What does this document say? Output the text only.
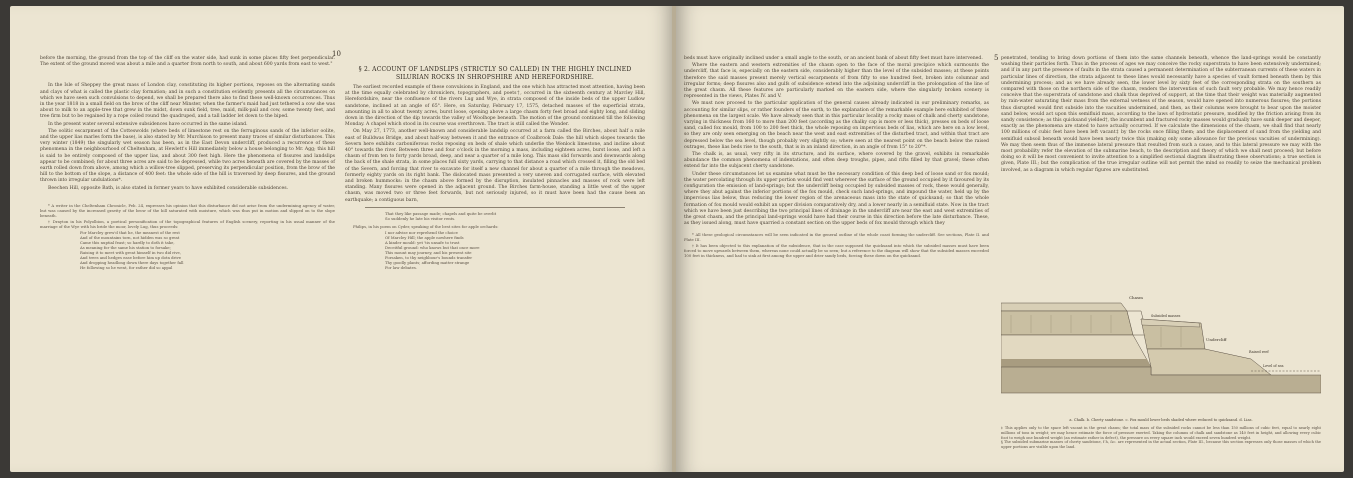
10

before the morning, the ground from the top of the cliff on the water side, had sunk in some places fifty feet perpendicular. The extent of the ground moved was about a mile and a quarter from north to south, and about 600 yards from east to west."

In the Isle of Sheppey the great mass of London clay, constituting its higher portions, reposes on the alternating sands and clays of what is called the plastic clay formation; and in such a constitution evidently presents all the circumstances on which we have seen such convulsions to depend, we shall be prepared there also to find these well-known occurrences. Thus in the year 1818 in a small field on the brow of the cliff near Minster, when the farmer's maid had just tethered a cow she was about to milk to an apple-tree that grew in the midst, down sunk field, tree, maid, milk-pail and cow, some twenty feet, and tree firm but to be regained by a rope coiled round the quadruped, and a tall ladder let down to the biped.

In the present water several extensive subsidences have occurred in the same island.

The oolitic escarpment of the Cotteswolds (where beds of limestone rest on the ferruginous sands of the inferior oolite, and the upper lias marles form the base), is also stated by Mr. Murchison to present many traces of similar disturbances. This very winter (1849) the singularly wet season has been, as in the East Devon undercliff, produced a recurrence of these phenomena in the neighbourhood of Cheltenham, at Hewlett's Hill immediately below a house belonging to Mr. Agg; this hill is said to be entirely composed of the upper lias, and about 300 feet high. Here the phenomena of fissures and landslips appear to be combined; for about three acres are said to be depressed, while two acres beneath are covered by the masses of earth rolled down from above, among which a willow-tree slipped, preserving its perpendicular position, from the brow of the hill to the bottom of the slope, a distance of 400 feet: the whole side of the hill is traversed by deep fissures, and the ground thrown into irregular undulations*.

Beechen Hill, opposite Bath, is also stated in former years to have exhibited considerable subsidences.

* A writer in the Cheltenham Chronicle, Feb. 24, expresses his opinion that this disturbance did not arise from the undermining agency of water, but was caused by the increased gravity of the brow of the hill saturated with moisture, which was thus put in motion and slipped on to the slope beneath.

† Drayton in his Polyolbion, a poetical personification of the topographical features of English scenery, reporting in his usual manner of the marriage of the Wye with his bride the moor, lovely Lug, thus proceeds:

For Marcley grew'd that he, the meanest of the rest
And of the mountains torn, not hidden was so great
Came this nuptial feast; so hardly to doth it take,
As meaning for the same his station to forsake;
Raising it to meet with great himself in two did rive,
And trees and hedges ease before him up dotn drive
And dropping headlong down there days together fall
He following so he went, for rather did so appal
§ 2. ACCOUNT OF LANDSLIPS (STRICTLY SO CALLED) IN THE HIGHLY INCLINED SILURIAN ROCKS IN SHROPSHIRE AND HEREFORDSHIRE.

The earliest recorded example of these convulsions in England, and the one which has attracted most attention, having been at the time equally celebrated by chroniclers, topographers, and poets†, occurred in the sixteenth century at Marcley Hill, Herefordshire, near the confluence of the rivers Lug and Wye, in strata composed of the inside beds of the upper Ludlow sandstone, inclined at an angle of 65°. Here, on Saturday, February 17, 1575, detached masses of the superficial strata, amounting in all to about twenty acres, burst loose, opening above a large chasm forty feet broad and eighty long, and sliding down in the direction of the dip towards the valley of Woolhope beneath. The motion of the ground continued till the following Monday. A chapel which stood in its course was overthrown. The tract is still called the Wonder.

On May 27, 1773, another well-known and considerable landslip occurred at a farm called the Birches, about half a mile east of Buildwas Bridge, and about half-way between it and the entrance of Coalbrook Dale: the hill which slopes towards the Severn here exhibits carboniferous rocks reposing on beds of shale which underlie the Wenlock limestone, and incline about 40° towards the river. Between three and four o'clock in the morning a mass, including eighteen acres, burst loose, and left a chasm of from ten to forty yards broad, deep, and near a quarter of a mile long. This mass slid forwards and downwards along the back of the shale strata, in some places full sixty yards, carrying to that distance a road which crossed it, filling the old bed of the Severn, and forcing that river to excavate for itself a new channel for about a quarter of a mile through the meadows, formerly eighty yards on its right bank. The dislocated mass presented a very uneven and corrugated surface, with elevated and broken hummocks: in the chasm above formed by the disruption, insulated pinnacles and masses of rock were left standing. Many fissures were opened in the adjacent ground. The Birches farm-house, standing a little west of the upper chasm, was moved two or three feet forwards, but not seriously injured, so it must have been had the cause been an earthquake; a contiguous barn,

That they like passage made; chapels and quite be overlit
So suddenly he late his visitor rents.

Philips, in his poem on Cyder, speaking of the best sites for apple orchards:

I nor advise nor reprehend the choice
Of Marcley Hill; the apple nowhere finds
A kinder mould: yet 'tis unsafe to trust
Deceitful ground: who knows but that once more
This mount may journey, and his present site
Forsaken, to thy neighbour's bounds transfer
Thy goodly plants; affording matter strange
For law debates.
5

beds must have originally inclined under a small angle to the south, or an ancient bank of about fifty feet must have intervened.

Where the eastern and western extremities of the chasm open to the face of the moral precipice which surmounts the undercliff, that face is, especially on the eastern side, considerably higher than the level of the subsided masses; at these points therefore the said masses present merely vertical escarpments of from fifty to one hundred feet, broken into columnar and irregular forms; deep fissures also and gulfs of subsidence extend into the adjoining undercliff in the prolongation of the line of the great chasm. All these features are particularly marked on the eastern side, where the singularly broken scenery is represented in the views, Plates IV. and V.

We must now proceed to the particular application of the general causes already indicated in our preliminary remarks, as accounting for similar slips, or rather founders of the earth, to the explanation of the remarkable example here exhibited of these phenomena on the largest scale. We have already seen that in this particular locality a rocky mass of chalk and cherty sandstone, varying in thickness from 160 to more than 200 feet (according as the chalky cap is more or less thick), presses on beds of loose sand, called fox mould, from 100 to 200 feet thick, the whole reposing on impervious beds of lias, which are here on a low level, so they are only seen emerging on the beach near the west and east extremities of the disturbed tract, and within that tract are depressed below the sea level, though probably very slightly so; where seen at the nearest point on the beach below the raised outrages, these lias beds rise to the south, that is in an inland direction, in an angle of from 15° to 20°*.

The chalk is, as usual, very rifty in its structure, and its surface, where covered by the gravel, exhibits in remarkable abundance the common phenomena of indentations, and often deep troughs, pipes, and rifts filled by that gravel; these often extend far into the subjacent cherty sandstone.

Under these circumstances let us examine what must be the necessary condition of this deep bed of loose sand or fox mould; the water percolating through its upper portion would find vent wherever the surface of the ground occupied by it favoured by its configuration the emission of land-springs; but the undercliff being occupied by subsided masses of rock, these would generally, where they abut against the inferior portions of the fox mould, check such land-springs, and impound the water, held up by the impervious lias below, thus reducing the lower region of the arenaceous mass into the state of quicksand; so that the whole formation of fox mould would exhibit an upper division comparatively dry, and a lower nearly in a semifluid state. Now in the tract which we have been just describing the two principal lines of drainage in the undercliff are near the east and west extremities of the great chasm, and the principal land-springs would have had their course in this direction before the late disturbance. These, as they issued along, must have quarried a constant section on the upper beds of fox mould through which they

* All these geological circumstances will be seen indicated in the general outline of the whole coast forming the undercliff. See sections, Plate II. and Plate III.

† It has been objected to this explanation of the subsidence, that in the case supposed the quicksand into which the subsided masses must have been forced to move upwards between them, whereas none could actually be so seen; but a reference to the diagram will show that the subsided masses exceeded 100 feet in thickness, and had to sink at first among the upper and drier sandy beds, forcing these down on the quicksand.

penetrated, tending to bring down portions of them into the same channels beneath, whence the land-springs would be constantly washing their particles forth. Thus in the process of ages we may conceive the rocky superstrata to have been extensively undermined; and if in any part the presence of faults in the strata caused a permanent determination of the subterranean currents of these waters in particular lines of direction, the strata adjacent to these lines would necessarily have a species of vault formed beneath them by this undermining process; and as we have already seen, the lower level by sixty feet of the corresponding strata on the southern as compared with those on the northern side of the chasm, renders the intervention of such fault very probable. We may hence readily conceive that the superstrata of sandstone and chalk thus deprived of support, at the time that their weight was materially augmented by rain-water saturating their mass from the external wetness of the season, would have opened into numerous fissures; the portions thus disrupted would first subside into the vacuities undermined, and then, as their columns were brought to bear upon the moister sand below, would act upon this semifluid mass, according to the laws of hydrostatic pressure, modified by the friction arising from its sandy consistence; as this quicksand yielded†, the incumbent and fractured rocky masses would gradually have sunk deeper and deeper, exactly as the phenomena are stated to have actually occurred. If we calculate the dimensions of the chasm, we shall find that nearly 100 millions of cubic feet have been left vacant‡ by the rocks once filling them; and the displacement of sand from the yielding and semifluid subsoil beneath would have been nearly twice this (making only some allowance for the previous vacuities of undermining). We may then seem thus of the immense lateral pressure that resulted from such a cause, and to this lateral pressure we may with the most probability refer the elevation of the submarine beach, to the description and theory of which we shall next proceed; but before doing so it will be most convenient to invite attention to a simplified sectional diagram illustrating these observations; a true section is given, Plate III.; but the complication of the true irregular outline will not permit the mind so readily to seize the mechanical problem involved, as a diagram in which regular figures are substituted.

Chasm
Undercliff
Subsided masses
Level of sea
Raised reef
a. Chalk. b. Cherty sandstone. c. Fox mould lower beds shaded where reduced to quicksand. d. Lias.

‡ This applies only to the space left vacant in the great chasm; the total mass of the subsided rocks cannot be less than 150 millions of cubic feet, equal to nearly eight millions of tons in weight; we may hence estimate the force of pressure exerted. Taking the columns of chalk and sandstone as 140 feet in height, and allowing every cubic foot to weigh one hundred weight (an estimate rather in defect), the pressure on every square inch would exceed seven hundred weight.

§ The subsided submarine masses of cherty sandstone, f h, &c. are represented in the actual section, Plate III., because this section expresses only those masses of which the upper portions are visible upon the land.
